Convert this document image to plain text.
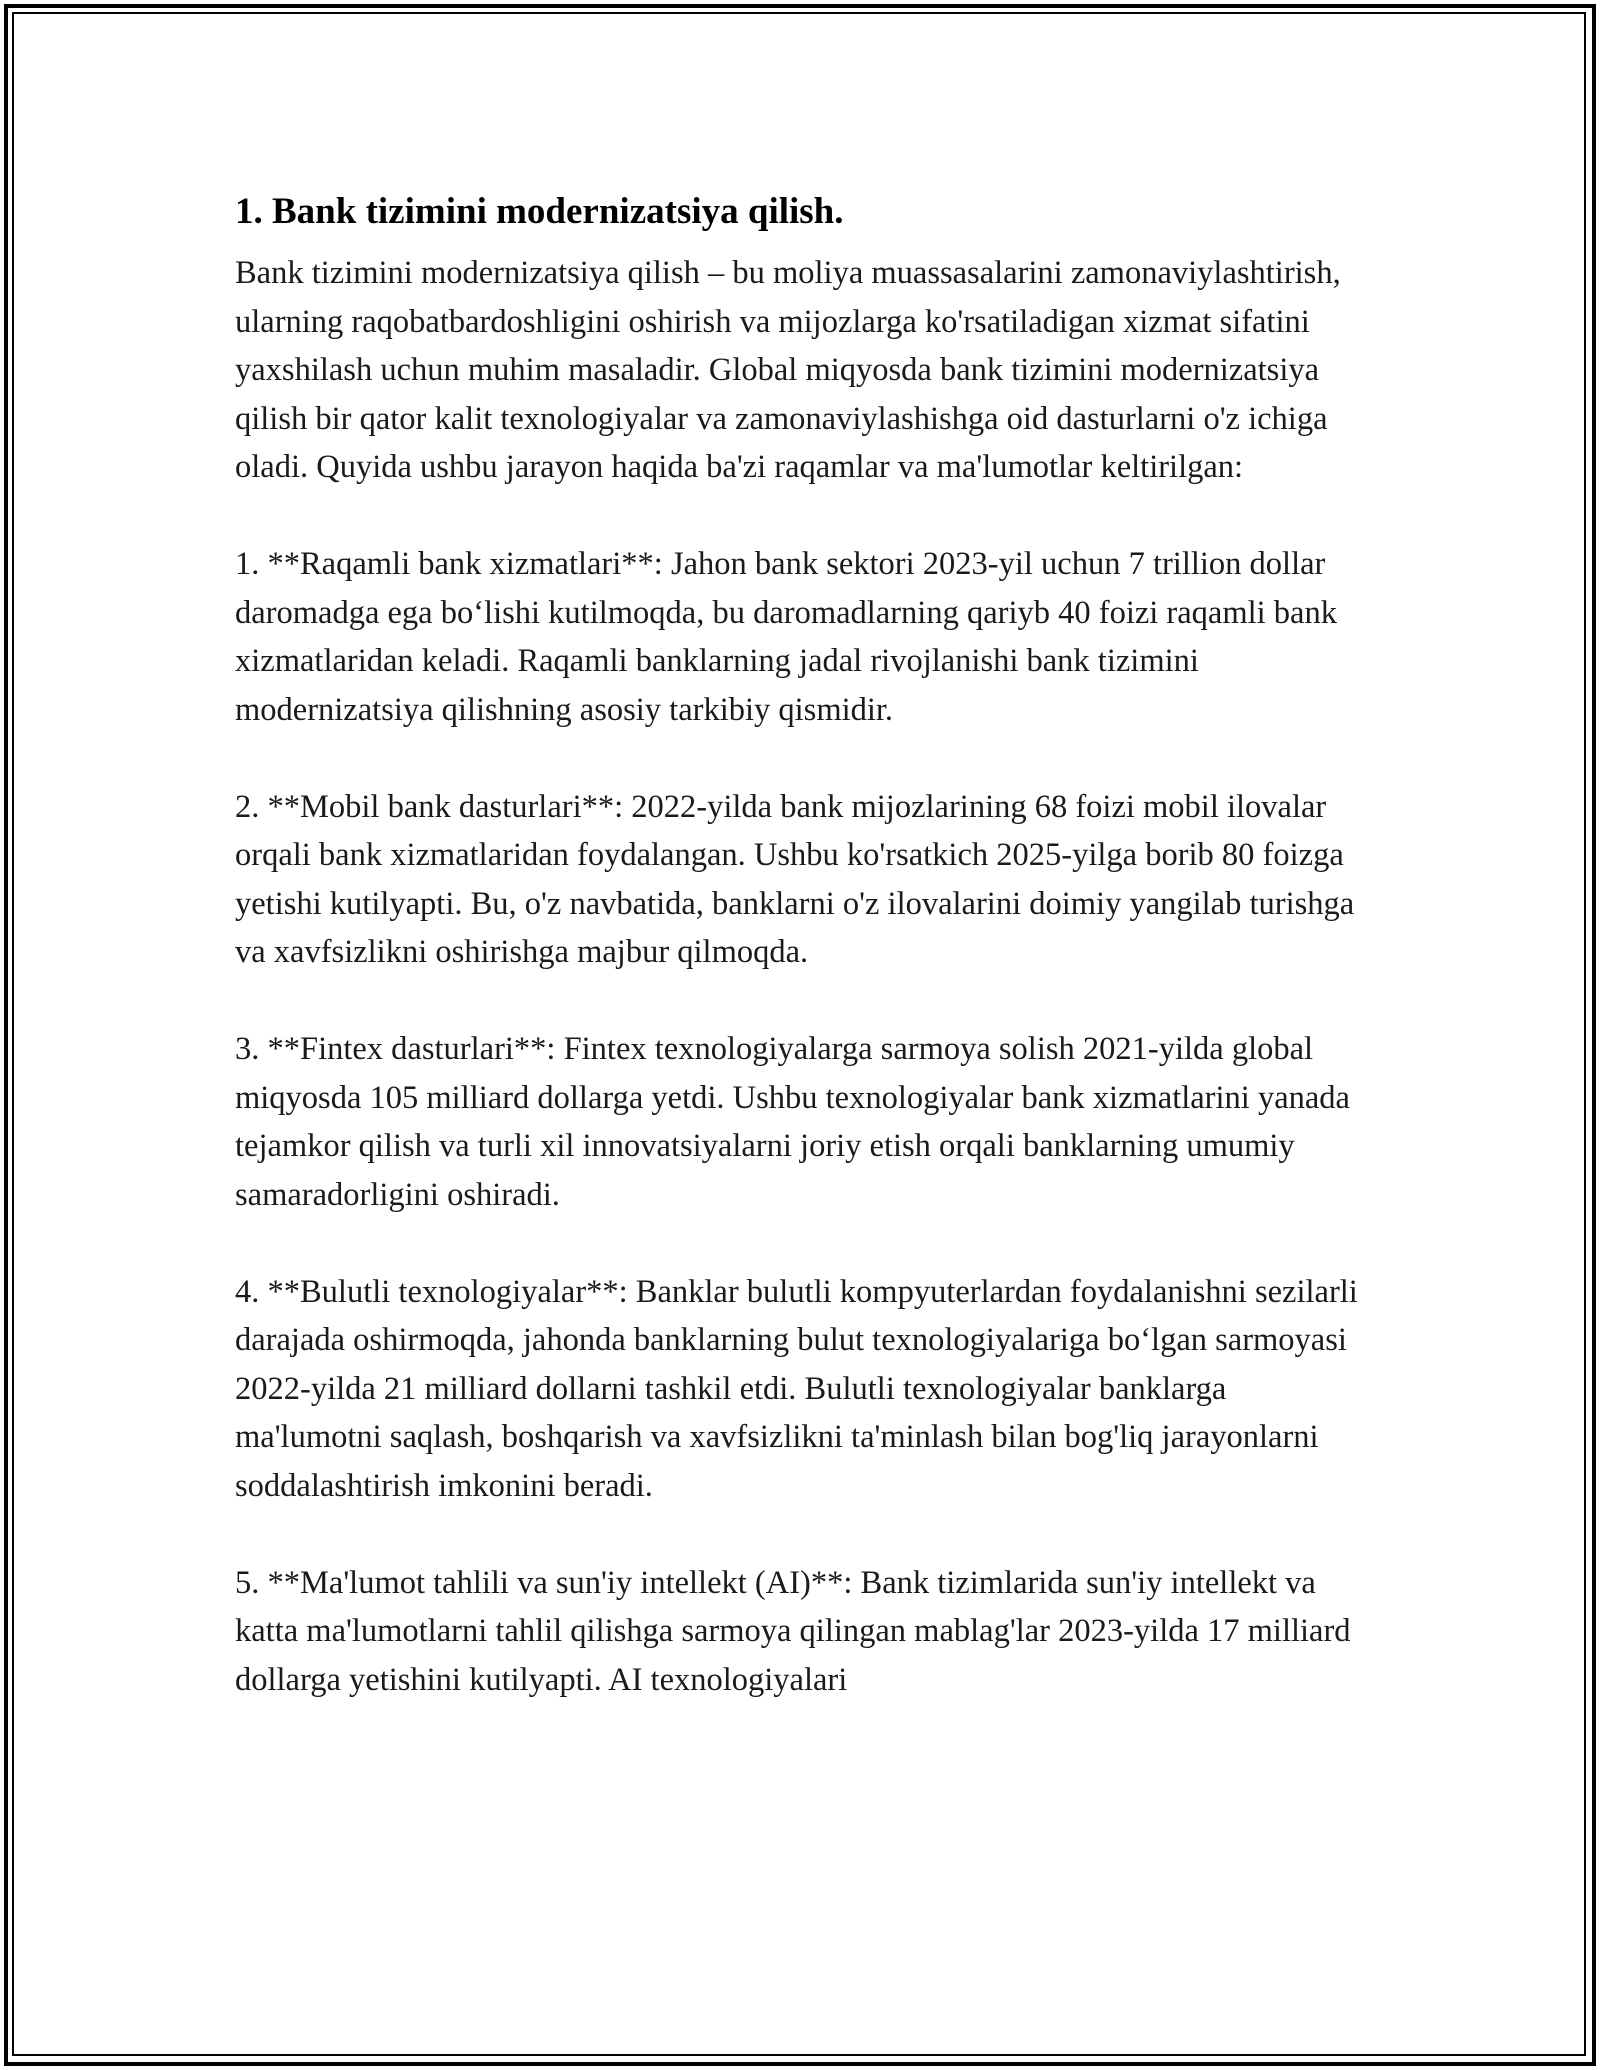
1. Bank tizimini modernizatsiya qilish.

Bank tizimini modernizatsiya qilish – bu moliya muassasalarini zamonaviylashtirish, ularning raqobatbardoshligini oshirish va mijozlarga ko'rsatiladigan xizmat sifatini yaxshilash uchun muhim masaladir. Global miqyosda bank tizimini modernizatsiya qilish bir qator kalit texnologiyalar va zamonaviylashishga oid dasturlarni o'z ichiga oladi. Quyida ushbu jarayon haqida ba'zi raqamlar va ma'lumotlar keltirilgan:

1. **Raqamli bank xizmatlari**: Jahon bank sektori 2023-yil uchun 7 trillion dollar daromadga ega bo‘lishi kutilmoqda, bu daromadlarning qariyb 40 foizi raqamli bank xizmatlaridan keladi. Raqamli banklarning jadal rivojlanishi bank tizimini modernizatsiya qilishning asosiy tarkibiy qismidir.

2. **Mobil bank dasturlari**: 2022-yilda bank mijozlarining 68 foizi mobil ilovalar orqali bank xizmatlaridan foydalangan. Ushbu ko'rsatkich 2025-yilga borib 80 foizga yetishi kutilyapti. Bu, o'z navbatida, banklarni o'z ilovalarini doimiy yangilab turishga va xavfsizlikni oshirishga majbur qilmoqda.

3. **Fintex dasturlari**: Fintex texnologiyalarga sarmoya solish 2021-yilda global miqyosda 105 milliard dollarga yetdi. Ushbu texnologiyalar bank xizmatlarini yanada tejamkor qilish va turli xil innovatsiyalarni joriy etish orqali banklarning umumiy samaradorligini oshiradi.

4. **Bulutli texnologiyalar**: Banklar bulutli kompyuterlardan foydalanishni sezilarli darajada oshirmoqda, jahonda banklarning bulut texnologiyalariga bo‘lgan sarmoyasi 2022-yilda 21 milliard dollarni tashkil etdi. Bulutli texnologiyalar banklarga ma'lumotni saqlash, boshqarish va xavfsizlikni ta'minlash bilan bog'liq jarayonlarni soddalashtirish imkonini beradi.

5. **Ma'lumot tahlili va sun'iy intellekt (AI)**: Bank tizimlarida sun'iy intellekt va katta ma'lumotlarni tahlil qilishga sarmoya qilingan mablag'lar 2023-yilda 17 milliard dollarga yetishini kutilyapti. AI texnologiyalari
